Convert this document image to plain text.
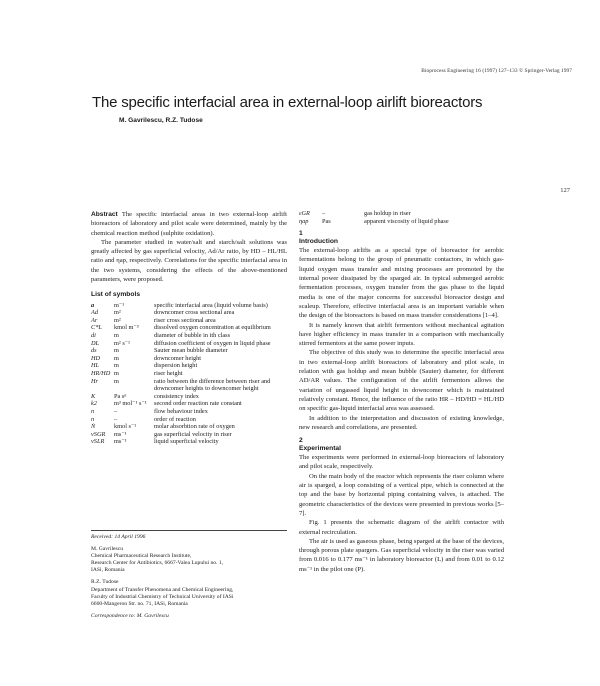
Bioprocess Engineering 16 (1997) 127–133 © Springer-Verlag 1997
The specific interfacial area in external-loop airlift bioreactors
M. Gavrilescu, R.Z. Tudose
127

Abstract The specific interfacial areas in two external-loop airlift bioreactors of laboratory and pilot scale were determined, mainly by the chemical reaction method (sulphite oxidation).

The parameter studied in water/salt and starch/salt solutions was greatly affected by gas superficial velocity, Ad/Ar ratio, by HD – HL/HL ratio and ηap, respectively. Correlations for the specific interfacial area in the two systems, considering the effects of the above-mentioned parameters, were proposed.

List of symbols
a	m⁻¹	specific interfacial area (liquid volume basis)
Ad	m²	downcomer cross sectional area
Ar	m²	riser cross sectional area
C*L	kmol m⁻³	dissolved oxygen concentration at equilibrium
di	m	diameter of bubble in ith class
DL	m² s⁻¹	diffusion coefficient of oxygen in liquid phase
ds	m	Sauter mean bubble diameter
HD	m	downcomer height
HL	m	dispersion height
HR/HD m	riser height
Hr	m	ratio between the difference between riser and downcomer heights to downcomer height
K	Pa sⁿ	consistency index
k2	m³ mol⁻¹ s⁻¹	second order reaction rate constant
n	–	flow behaviour index
n	–	order of reaction
Ṅ	kmol s⁻¹	molar absorbtion rate of oxygen
vSGR	ms⁻¹	gas superficial velocity in riser
vSLR	ms⁻¹	liquid superficial velocity
Received: 14 April 1996
M. Gavrilescu
Chemical Pharmaceutical Research Institute,
Research Center for Antibiotics, 6667-Valea Lupului no. 1,
IASi, Romania
R.Z. Tudose
Department of Transfer Phenomena and Chemical Engineering,
Faculty of Industrial Chemistry of Technical University of IASi
6600-Mangeron Str. no. 71, IASi, Romania
Correspondence to: M. Gavrilescu
εGR	–	gas holdup in riser
ηap	Pas	apparent viscosity of liquid phase
1
Introduction

The external-loop airlifts as a special type of bioreactor for aerobic fermentations belong to the group of pneumatic contactors, in which gas-liquid oxygen mass transfer and mixing processes are promoted by the internal power dissipated by the sparged air. In typical submerged aerobic fermentation processes, oxygen transfer from the gas phase to the liquid media is one of the major concerns for successful bioreactor design and scaleup. Therefore, effective interfacial area is an important variable when the design of the bioreactors is based on mass transfer considerations [1–4].

It is namely known that airlift fermentors without mechanical agitation have higher efficiency in mass transfer in a comparison with mechanically stirred fermentors at the same power inputs.

The objective of this study was to determine the specific interfacial area in two external-loop airlift bioreactors of laboratory and pilot scale, in relation with gas holdup and mean bubble (Sauter) diameter, for different AD/AR values. The configuration of the airlift fermentors allows the variation of ungassed liquid height in downcomer which is maintained relatively constant. Hence, the influence of the ratio HR – HD/HD = HL/HD on specific gas-liquid interfacial area was assessed.

In addition to the interpretation and discussion of existing knowledge, new research and correlations, are presented.

2
Experimental

The experiments were performed in external-loop bioreactors of laboratory and pilot scale, respectively.

On the main body of the reactor which represents the riser column where air is sparged, a loop consisting of a vertical pipe, which is connected at the top and the base by horizontal piping containing valves, is attached. The geometric characteristics of the devices were presented in previous works [5–7].

Fig. 1 presents the schematic diagram of the airlift contactor with external recirculation.

The air is used as gaseous phase, being sparged at the base of the devices, through porous plate spargers. Gas superficial velocity in the riser was varied from 0.016 to 0.177 ms⁻¹ in laboratory bioreactor (L) and from 0.01 to 0.12 ms⁻¹ in the pilot one (P).
